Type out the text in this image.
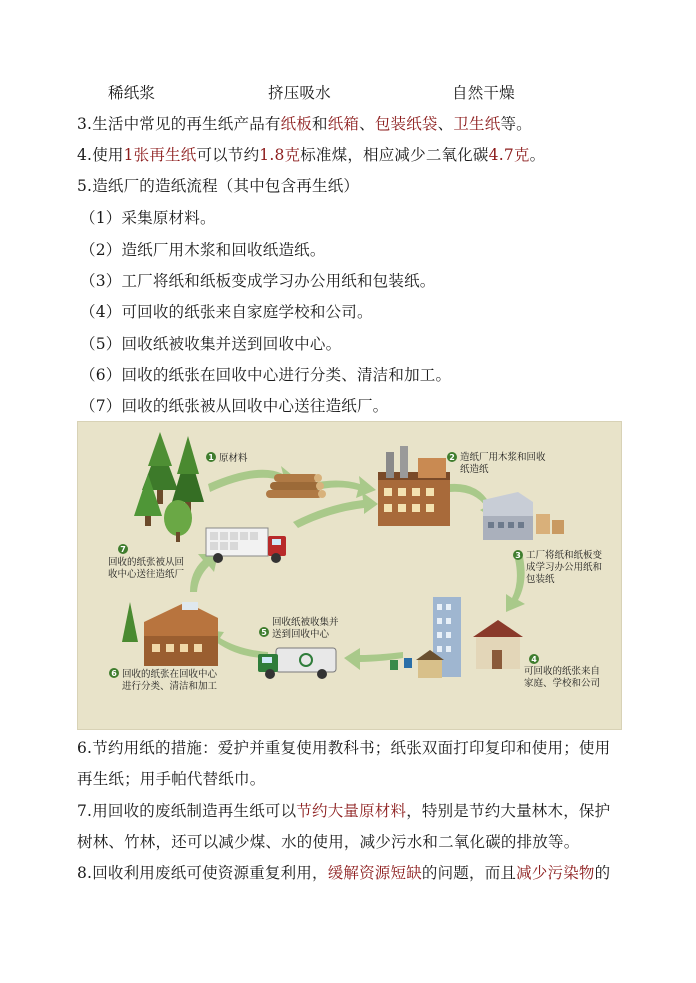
稀纸浆	挤压吸水	自然干燥
3.生活中常见的再生纸产品有纸板和纸箱、包装纸袋、卫生纸等。
4.使用1张再生纸可以节约1.8克标准煤，相应减少二氧化碳4.7克。
5.造纸厂的造纸流程（其中包含再生纸）
（1）采集原材料。
（2）造纸厂用木浆和回收纸造纸。
（3）工厂将纸和纸板变成学习办公用纸和包装纸。
（4）可回收的纸张来自家庭学校和公司。
（5）回收纸被收集并送到回收中心。
（6）回收的纸张在回收中心进行分类、清洁和加工。
（7）回收的纸张被从回收中心送往造纸厂。
1	2
3
4
5
6
7
原材料	造纸厂用木浆和回收
纸造纸
工厂将纸和纸板变
成学习办公用纸和
包装纸
可回收的纸张来自
家庭、学校和公司
回收纸被收集并
送到回收中心
回收的纸张在回收中心
进行分类、清洁和加工
回收的纸张被从回
收中心送往造纸厂
6.节约用纸的措施：爱护并重复使用教科书；纸张双面打印复印和使用；使用
再生纸；用手帕代替纸巾。
7.用回收的废纸制造再生纸可以节约大量原材料，特别是节约大量林木，保护
树林、竹林，还可以减少煤、水的使用，减少污水和二氧化碳的排放等。
8.回收利用废纸可使资源重复利用，缓解资源短缺的问题，而且减少污染物的
